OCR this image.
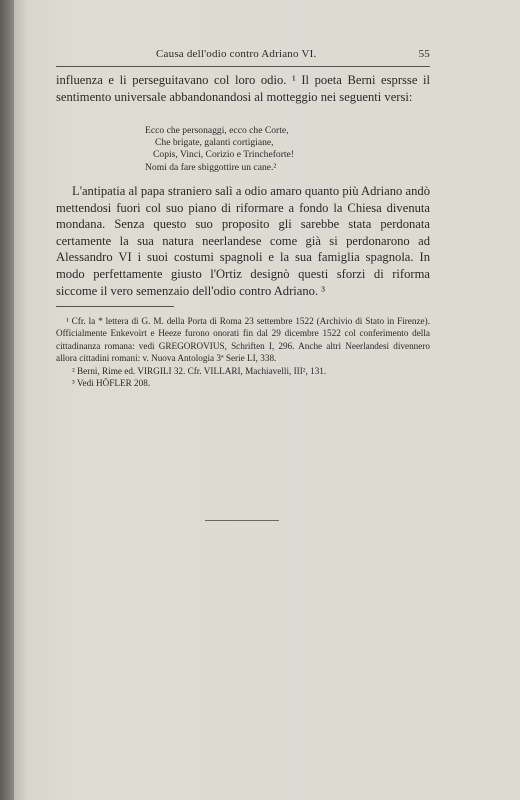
Causa dell'odio contro Adriano VI.	55
influenza e li perseguitavano col loro odio. ¹ Il poeta Berni esprsse il sentimento universale abbandonandosi al motteggio nei seguenti versi:
Ecco che personaggi, ecco che Corte,
Che brigate, galanti cortigiane,
Copis, Vinci, Corizio e Trincheforte!
Nomi da fare sbiggottire un cane.²
L'antipatia al papa straniero salì a odio amaro quanto più Adriano andò mettendosi fuori col suo piano di riformare a fondo la Chiesa divenuta mondana. Senza questo suo proposito gli sarebbe stata perdonata certamente la sua natura neerlandese come già si perdonarono ad Alessandro VI i suoi costumi spagnoli e la sua famiglia spagnola. In modo perfettamente giusto l'Ortiz designò questi sforzi di riforma siccome il vero semenzaio dell'odio contro Adriano. ³

¹ Cfr. la * lettera di G. M. della Porta di Roma 23 settembre 1522 (Archivio di Stato in Firenze). Officialmente Enkevoirt e Heeze furono onorati fin dal 29 dicembre 1522 col conferimento della cittadinanza romana: vedi GREGOROVIUS, Schriften I, 296. Anche altri Neerlandesi divennero allora cittadini romani: v. Nuova Antologia 3ª Serie LI, 338.

² Berni, Rime ed. VIRGILI 32. Cfr. VILLARI, Machiavelli, III², 131.

³ Vedi HÖFLER 208.
